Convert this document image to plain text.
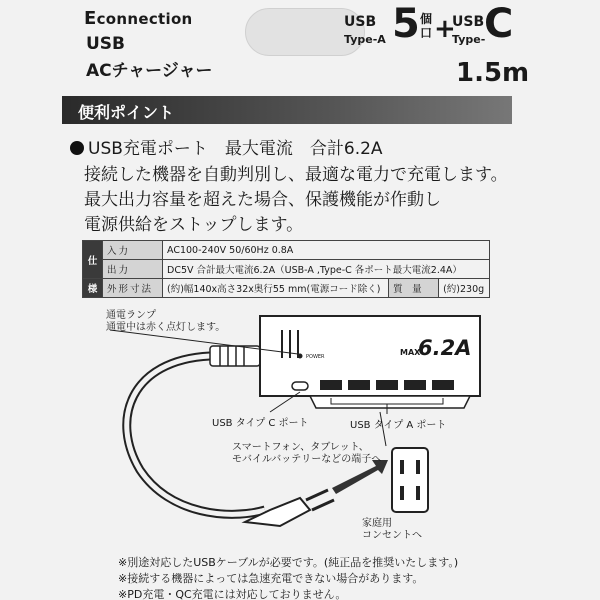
Econnection
USB
ACチャージャー
USB
Type-A 5 個口 +
USB
Type-
C
1.5m
便利ポイント
USB充電ポート　最大電流　合計6.2A
接続した機器を自動判別し、最適な電力で充電します。
最大出力容量を超えた場合、保護機能が作動し
電源供給をストップします。
仕	入力	AC100-240V 50/60Hz 0.8A		
	出力	DC5V 合計最大電流6.2A（USB-A ,Type-C 各ポート最大電流2.4A）		
様	外形寸法	(約)幅140x高さ32x奥行55 mm(電源コード除く)	質　量	(約)230g
通電ランプ
通電中は赤く点灯します。
POWER	MAX
6.2A
USB タイプ C ポート	USB タイプ A ポート
スマートフォン、タブレット、
モバイルバッテリーなどの端子へ
家庭用
コンセントへ
※別途対応したUSBケーブルが必要です。(純正品を推奨いたします。)
※接続する機器によっては急速充電できない場合があります。
※PD充電・QC充電には対応しておりません。
